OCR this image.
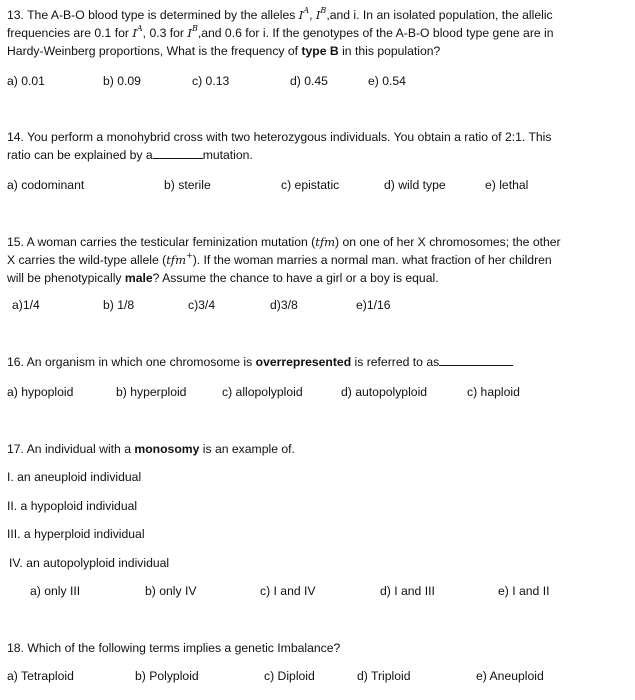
13. The A-B-O blood type is determined by the alleles $I^A$, $I^B,and$ i. In an isolated population, the allelic
frequencies are 0.1 for $I^A$, 0.3 for $I^B,and$ 0.6 for i. If the genotypes of the A-B-O blood type gene are in
Hardy-Weinberg proportions, What is the frequency of type B in this population?
a) 0.01	b) 0.09	c) 0.13	d) 0.45	e) 0.54
14. You perform a monohybrid cross with two heterozygous individuals. You obtain a ratio of 2:1. This
ratio can be explained by a	mutation.
a) codominant	b) sterile	c) epistatic	d) wild type	e) lethal
15. A woman carries the testicular feminization mutation (tfm) on one of her X chromosomes; the other
X carries the wild-type allele (tfm+). If the woman marries a normal man. what fraction of her children
will be phenotypically male? Assume the chance to have a girl or a boy is equal.
a)1/4	b) 1/8	c)3/4	d)3/8	e)1/16
16. An organism in which one chromosome is overrepresented is referred to as
a) hypoploid	b) hyperploid	c) allopolyploid	d) autopolyploid	c) haploid
17. An individual with a monosomy is an example of.
I. an aneuploid individual
II. a hypoploid individual
III. a hyperploid individual
IV. an autopolyploid individual
a) only III	b) only IV	c) I and IV	d) I and III	e) I and II
18. Which of the following terms implies a genetic Imbalance?
a) Tetraploid	b) Polyploid	c) Diploid	d) Triploid	e) Aneuploid
